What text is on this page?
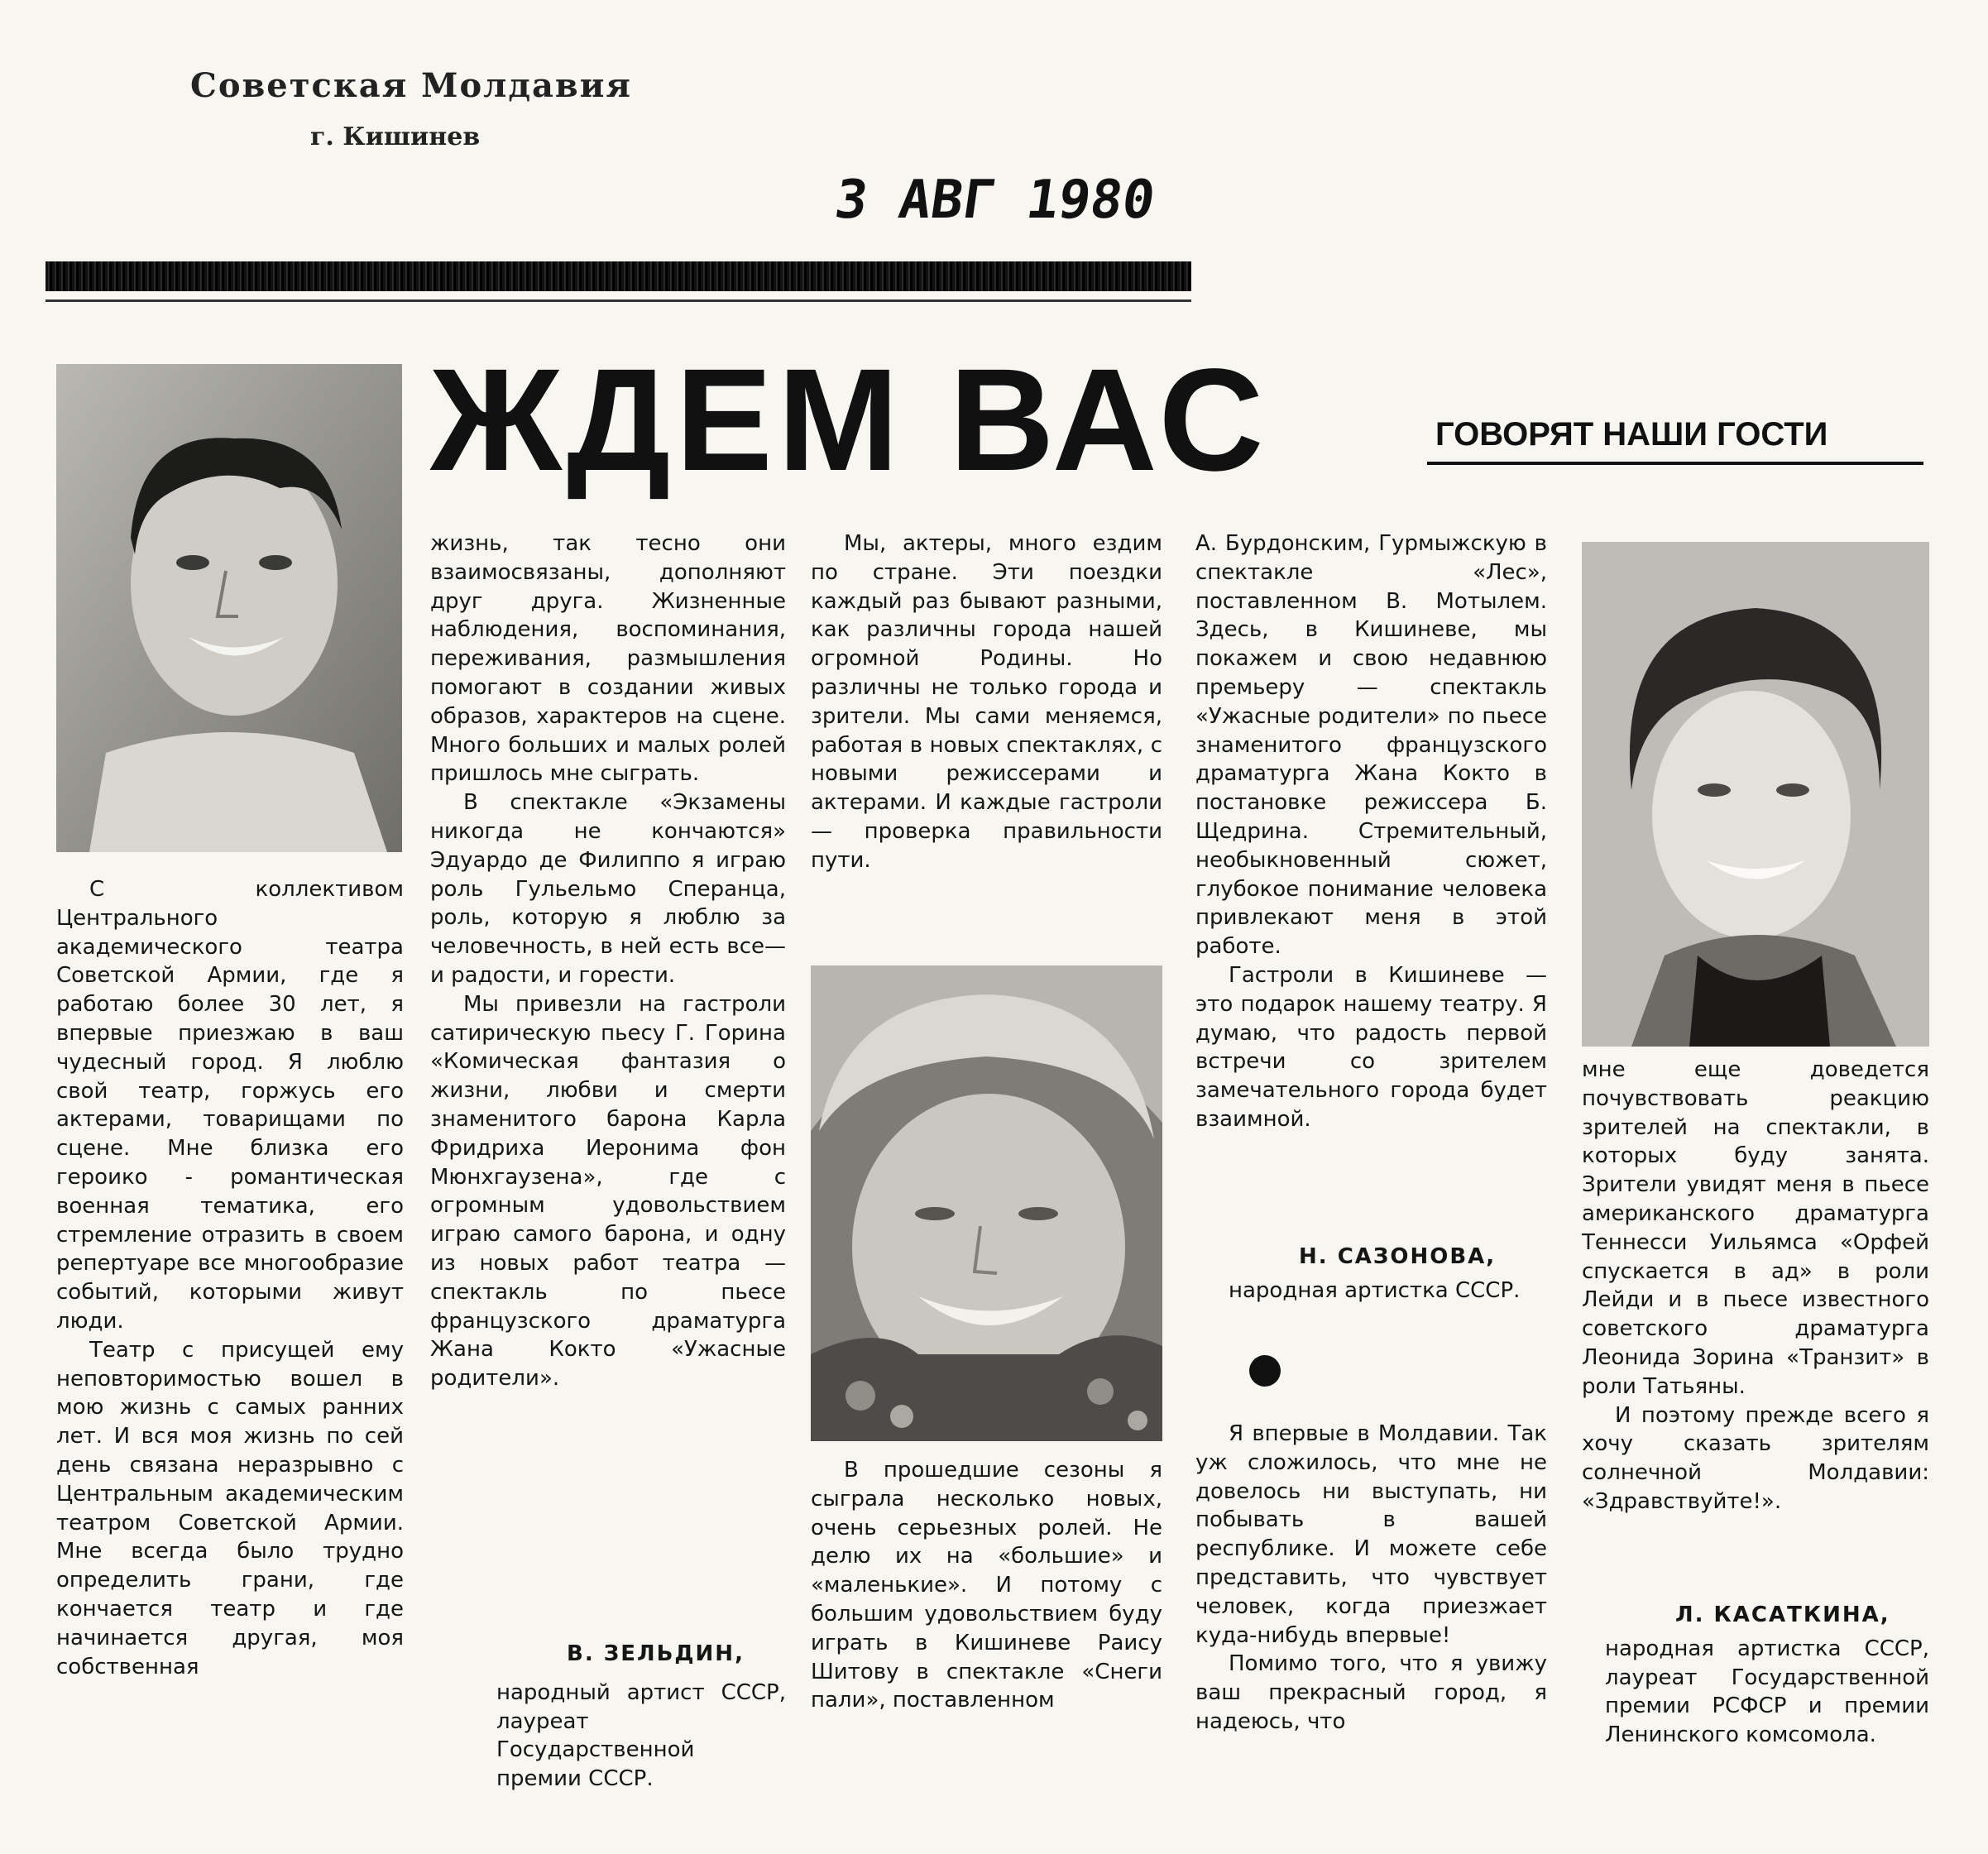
Советская Молдавия
г. Кишинев
3 АВГ 1980
ЖДЕМ ВАС	ГОВОРЯТ НАШИ ГОСТИ

С коллективом Центрального академического театра Советской Армии, где я работаю более 30 лет, я впервые приезжаю в ваш чудесный город. Я люблю свой театр, горжусь его актерами, товарищами по сцене. Мне близка его героико - романтическая военная тематика, его стремление отразить в своем репертуаре все многообразие событий, которыми живут люди.

Театр с присущей ему неповторимостью вошел в мою жизнь с самых ранних лет. И вся моя жизнь по сей день связана неразрывно с Центральным академическим театром Советской Армии. Мне всегда было трудно определить грани, где кончается театр и где начинается другая, моя собственная

жизнь, так тесно они взаимосвязаны, дополняют друг друга. Жизненные наблюдения, воспоминания, переживания, размышления помогают в создании живых образов, характеров на сцене. Много больших и малых ролей пришлось мне сыграть.

В спектакле «Экзамены никогда не кончаются» Эдуардо де Филиппо я играю роль Гульельмо Сперанца, роль, которую я люблю за человечность, в ней есть все—и радости, и горести.

Мы привезли на гастроли сатирическую пьесу Г. Горина «Комическая фантазия о жизни, любви и смерти знаменитого барона Карла Фридриха Иеронима фон Мюнхгаузена», где с огромным удовольствием играю самого барона, и одну из новых работ театра — спектакль по пьесе французского драматурга Жана Кокто «Ужасные родители».

В. ЗЕЛЬДИН,
народный артист СССР, лауреат Государственной премии СССР.

Мы, актеры, много ездим по стране. Эти поездки каждый раз бывают разными, как различны города нашей огромной Родины. Но различны не только города и зрители. Мы сами меняемся, работая в новых спектаклях, с новыми режиссерами и актерами. И каждые гастроли — проверка правильности пути.

В прошедшие сезоны я сыграла несколько новых, очень серьезных ролей. Не делю их на «большие» и «маленькие». И потому с большим удовольствием буду играть в Кишиневе Раису Шитову в спектакле «Снеги пали», поставленном

А. Бурдонским, Гурмыжскую в спектакле «Лес», поставленном В. Мотылем. Здесь, в Кишиневе, мы покажем и свою недавнюю премьеру — спектакль «Ужасные родители» по пьесе знаменитого французского драматурга Жана Кокто в постановке режиссера Б. Щедрина. Стремительный, необыкновенный сюжет, глубокое понимание человека привлекают меня в этой работе.

Гастроли в Кишиневе — это подарок нашему театру. Я думаю, что радость первой встречи со зрителем замечательного города будет взаимной.

Н. САЗОНОВА,
народная артистка СССР.

Я впервые в Молдавии. Так уж сложилось, что мне не довелось ни выступать, ни побывать в вашей республике. И можете себе представить, что чувствует человек, когда приезжает куда-нибудь впервые!

Помимо того, что я увижу ваш прекрасный город, я надеюсь, что

мне еще доведется почувствовать реакцию зрителей на спектакли, в которых буду занята. Зрители увидят меня в пьесе американского драматурга Теннесси Уильямса «Орфей спускается в ад» в роли Лейди и в пьесе известного советского драматурга Леонида Зорина «Транзит» в роли Татьяны.

И поэтому прежде всего я хочу сказать зрителям солнечной Молдавии: «Здравствуйте!».

Л. КАСАТКИНА,
народная артистка СССР, лауреат Государственной премии РСФСР и премии Ленинского комсомола.
